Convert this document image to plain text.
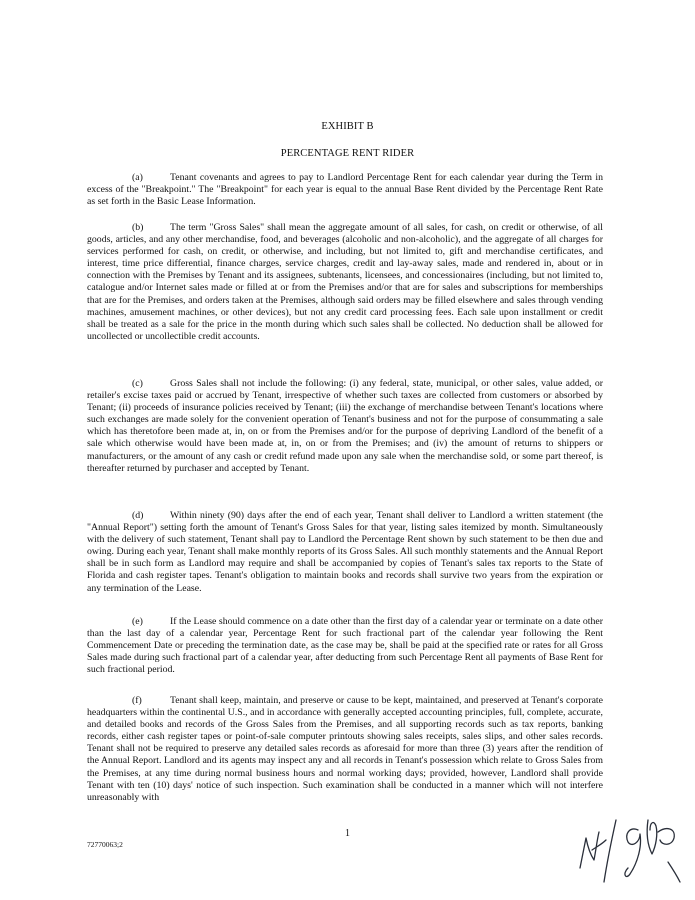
EXHIBIT B
PERCENTAGE RENT RIDER

(a)	Tenant covenants and agrees to pay to Landlord Percentage Rent for each calendar year during the Term in excess of the "Breakpoint." The "Breakpoint" for each year is equal to the annual Base Rent divided by the Percentage Rent Rate as set forth in the Basic Lease Information.

(b)	The term "Gross Sales" shall mean the aggregate amount of all sales, for cash, on credit or otherwise, of all goods, articles, and any other merchandise, food, and beverages (alcoholic and non-alcoholic), and the aggregate of all charges for services performed for cash, on credit, or otherwise, and including, but not limited to, gift and merchandise certificates, and interest, time price differential, finance charges, service charges, credit and lay-away sales, made and rendered in, about or in connection with the Premises by Tenant and its assignees, subtenants, licensees, and concessionaires (including, but not limited to, catalogue and/or Internet sales made or filled at or from the Premises and/or that are for sales and subscriptions for memberships that are for the Premises, and orders taken at the Premises, although said orders may be filled elsewhere and sales through vending machines, amusement machines, or other devices), but not any credit card processing fees. Each sale upon installment or credit shall be treated as a sale for the price in the month during which such sales shall be collected. No deduction shall be allowed for uncollected or uncollectible credit accounts.

(c)	Gross Sales shall not include the following: (i) any federal, state, municipal, or other sales, value added, or retailer's excise taxes paid or accrued by Tenant, irrespective of whether such taxes are collected from customers or absorbed by Tenant; (ii) proceeds of insurance policies received by Tenant; (iii) the exchange of merchandise between Tenant's locations where such exchanges are made solely for the convenient operation of Tenant's business and not for the purpose of consummating a sale which has theretofore been made at, in, on or from the Premises and/or for the purpose of depriving Landlord of the benefit of a sale which otherwise would have been made at, in, on or from the Premises; and (iv) the amount of returns to shippers or manufacturers, or the amount of any cash or credit refund made upon any sale when the merchandise sold, or some part thereof, is thereafter returned by purchaser and accepted by Tenant.

(d)	Within ninety (90) days after the end of each year, Tenant shall deliver to Landlord a written statement (the "Annual Report") setting forth the amount of Tenant's Gross Sales for that year, listing sales itemized by month. Simultaneously with the delivery of such statement, Tenant shall pay to Landlord the Percentage Rent shown by such statement to be then due and owing. During each year, Tenant shall make monthly reports of its Gross Sales. All such monthly statements and the Annual Report shall be in such form as Landlord may require and shall be accompanied by copies of Tenant's sales tax reports to the State of Florida and cash register tapes. Tenant's obligation to maintain books and records shall survive two years from the expiration or any termination of the Lease.

(e)	If the Lease should commence on a date other than the first day of a calendar year or terminate on a date other than the last day of a calendar year, Percentage Rent for such fractional part of the calendar year following the Rent Commencement Date or preceding the termination date, as the case may be, shall be paid at the specified rate or rates for all Gross Sales made during such fractional part of a calendar year, after deducting from such Percentage Rent all payments of Base Rent for such fractional period.

(f)	Tenant shall keep, maintain, and preserve or cause to be kept, maintained, and preserved at Tenant's corporate headquarters within the continental U.S., and in accordance with generally accepted accounting principles, full, complete, accurate, and detailed books and records of the Gross Sales from the Premises, and all supporting records such as tax reports, banking records, either cash register tapes or point-of-sale computer printouts showing sales receipts, sales slips, and other sales records. Tenant shall not be required to preserve any detailed sales records as aforesaid for more than three (3) years after the rendition of the Annual Report. Landlord and its agents may inspect any and all records in Tenant's possession which relate to Gross Sales from the Premises, at any time during normal business hours and normal working days; provided, however, Landlord shall provide Tenant with ten (10) days' notice of such inspection. Such examination shall be conducted in a manner which will not interfere unreasonably with

1
72770063;2
